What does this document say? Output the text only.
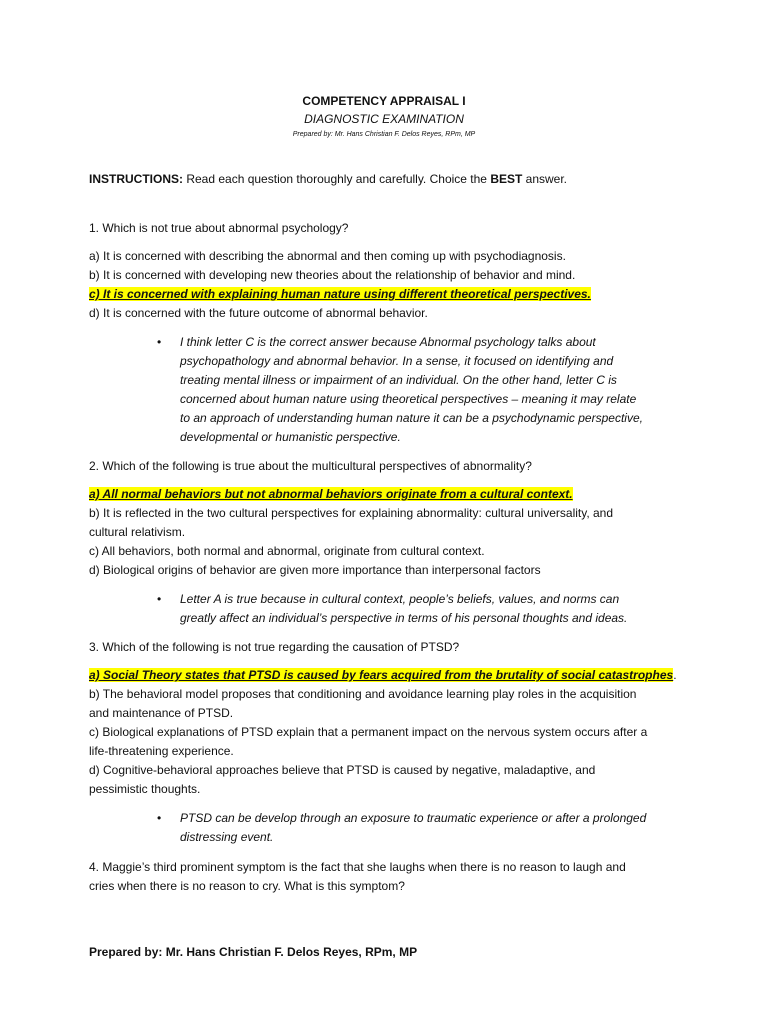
COMPETENCY APPRAISAL I
DIAGNOSTIC EXAMINATION
Prepared by: Mr. Hans Christian F. Delos Reyes, RPm, MP
INSTRUCTIONS: Read each question thoroughly and carefully. Choice the BEST answer.
1. Which is not true about abnormal psychology?
a) It is concerned with describing the abnormal and then coming up with psychodiagnosis.
b) It is concerned with developing new theories about the relationship of behavior and mind.
c) It is concerned with explaining human nature using different theoretical perspectives.
d) It is concerned with the future outcome of abnormal behavior.
• I think letter C is the correct answer because Abnormal psychology talks about
psychopathology and abnormal behavior. In a sense, it focused on identifying and
treating mental illness or impairment of an individual. On the other hand, letter C is
concerned about human nature using theoretical perspectives – meaning it may relate
to an approach of understanding human nature it can be a psychodynamic perspective,
developmental or humanistic perspective.
2. Which of the following is true about the multicultural perspectives of abnormality?
a) All normal behaviors but not abnormal behaviors originate from a cultural context.
b) It is reflected in the two cultural perspectives for explaining abnormality: cultural universality, and
cultural relativism.
c) All behaviors, both normal and abnormal, originate from cultural context.
d) Biological origins of behavior are given more importance than interpersonal factors
• Letter A is true because in cultural context, people’s beliefs, values, and norms can
greatly affect an individual’s perspective in terms of his personal thoughts and ideas.
3. Which of the following is not true regarding the causation of PTSD?
a) Social Theory states that PTSD is caused by fears acquired from the brutality of social catastrophes.
b) The behavioral model proposes that conditioning and avoidance learning play roles in the acquisition
and maintenance of PTSD.
c) Biological explanations of PTSD explain that a permanent impact on the nervous system occurs after a
life-threatening experience.
d) Cognitive-behavioral approaches believe that PTSD is caused by negative, maladaptive, and
pessimistic thoughts.
• PTSD can be develop through an exposure to traumatic experience or after a prolonged
distressing event.
4. Maggie’s third prominent symptom is the fact that she laughs when there is no reason to laugh and
cries when there is no reason to cry. What is this symptom?
Prepared by: Mr. Hans Christian F. Delos Reyes, RPm, MP
